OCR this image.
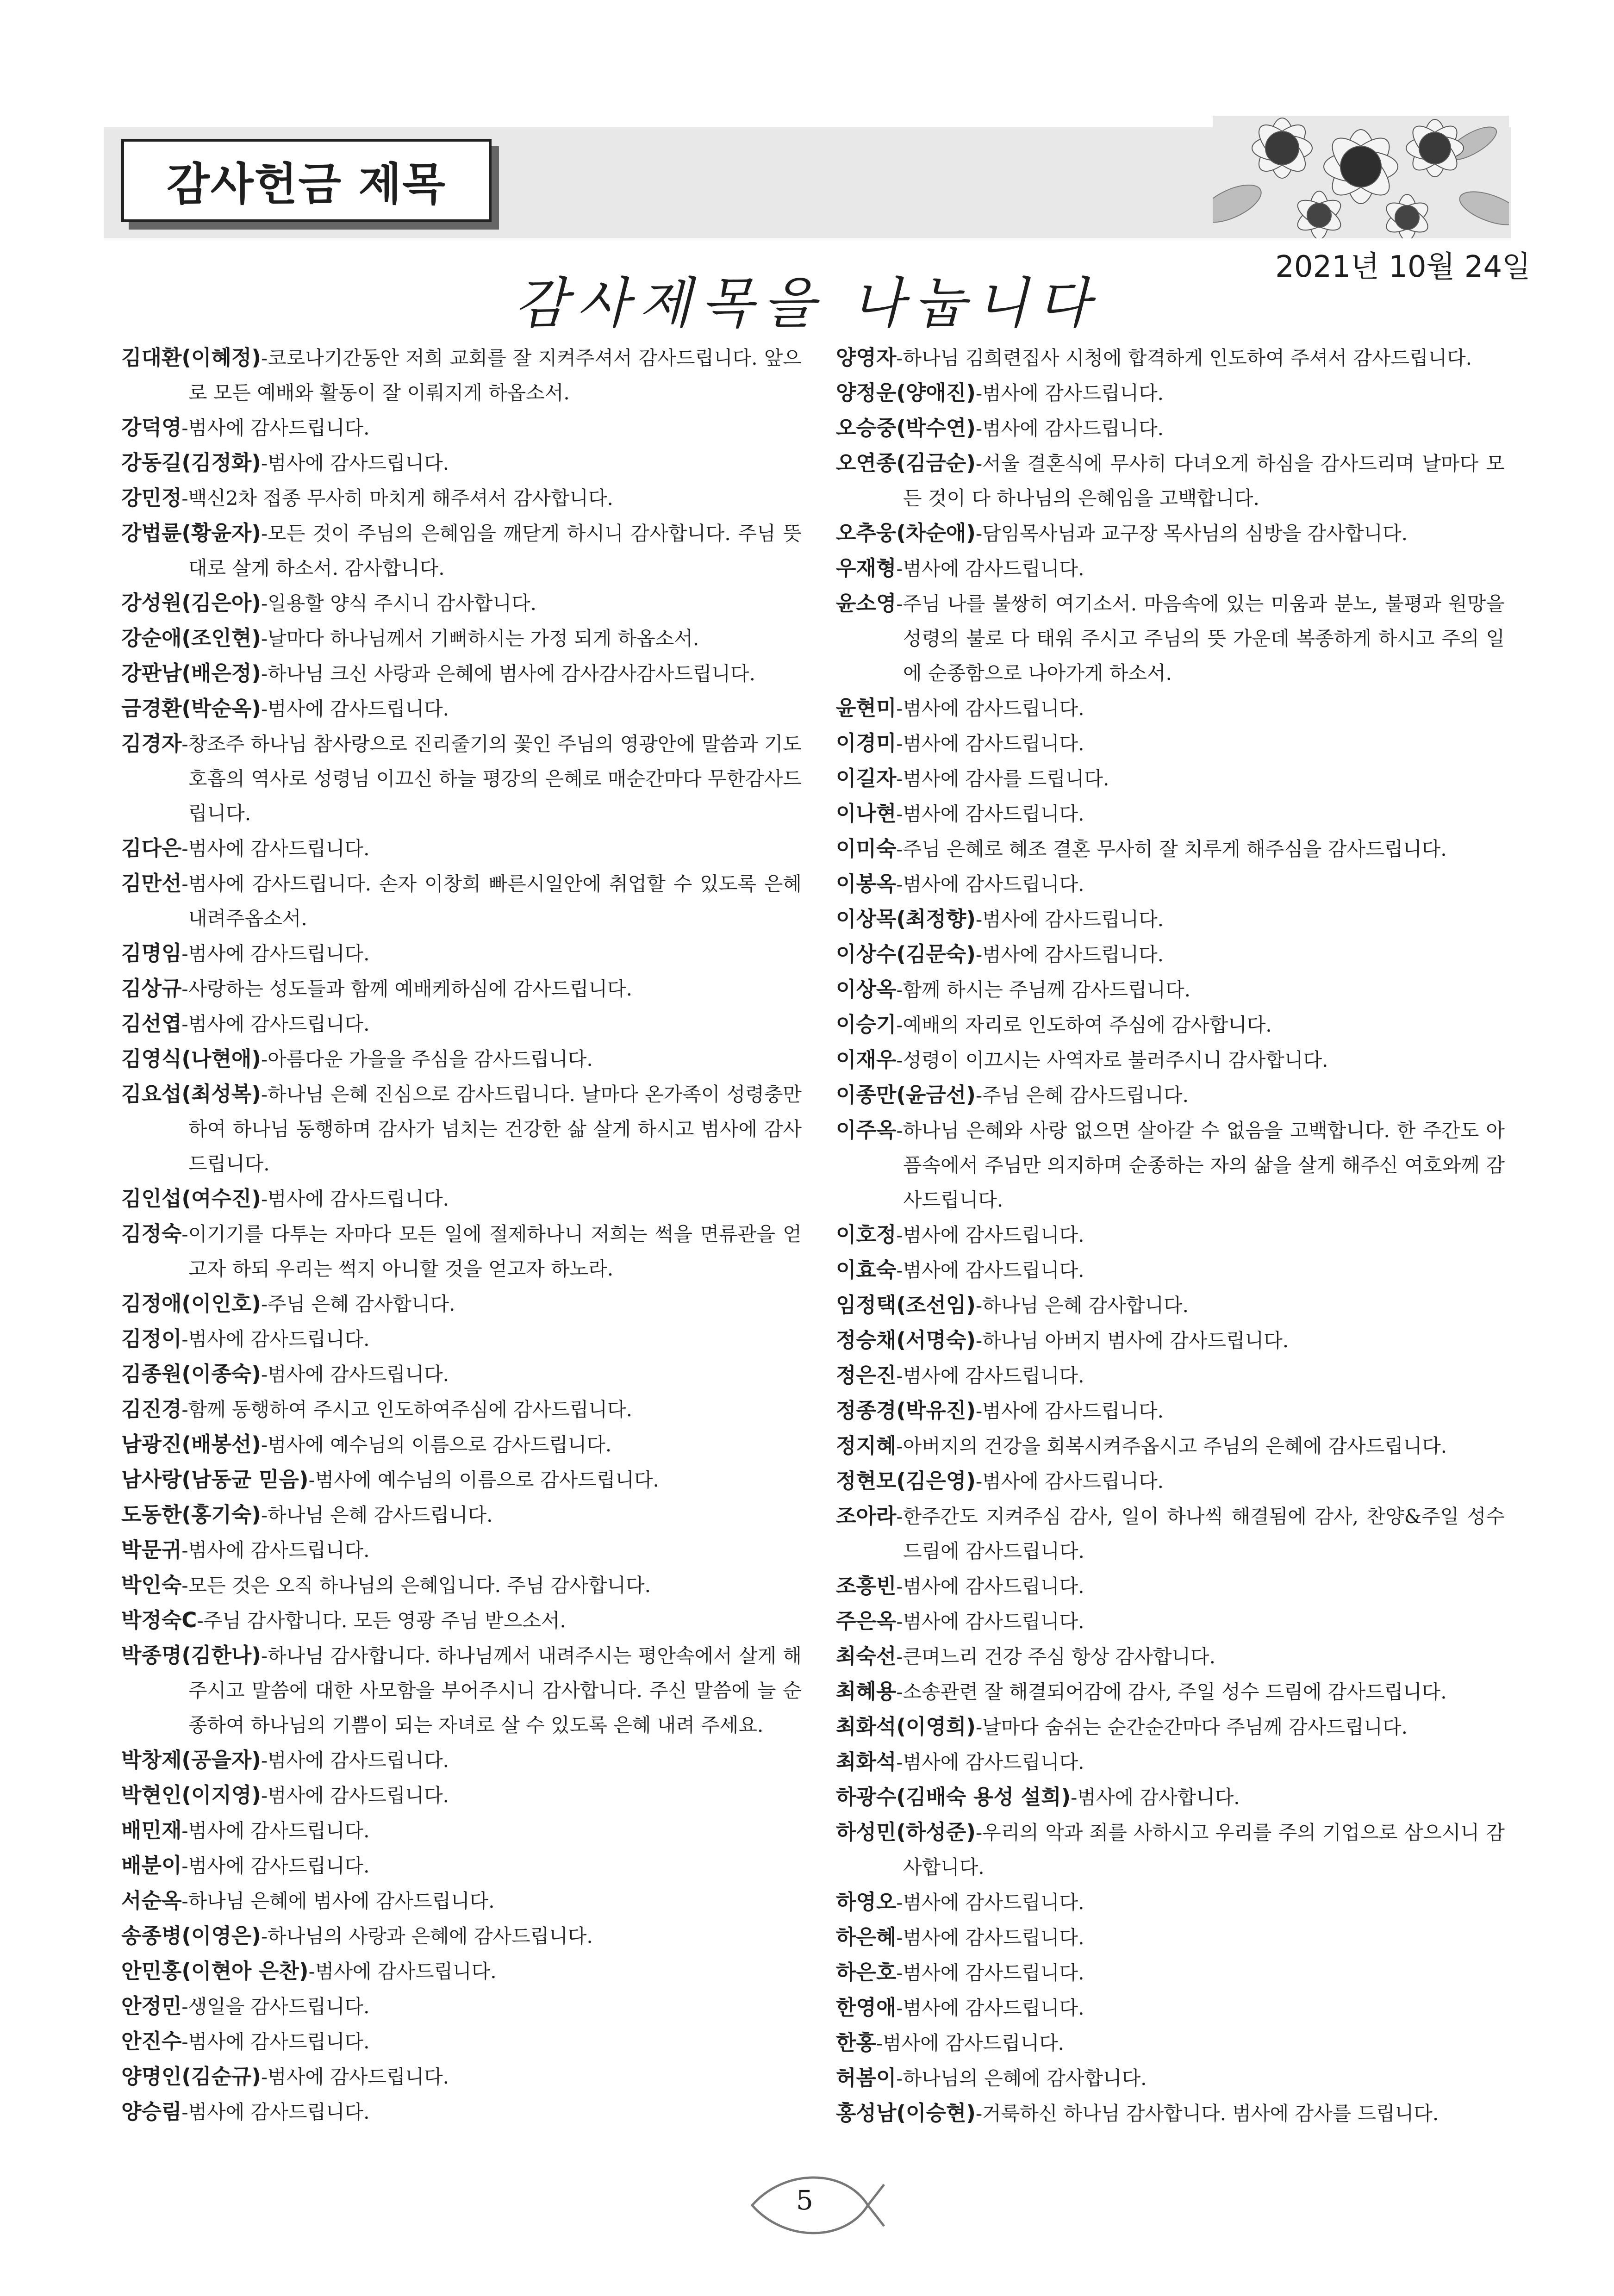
감사헌금 제목
2021년 10월 24일
감사제목을 나눕니다
김대환(이혜정)-코로나기간동안 저희 교회를 잘 지켜주셔서 감사드립니다. 앞으로 모든 예배와 활동이 잘 이뤄지게 하옵소서.
강덕영-범사에 감사드립니다.
강동길(김정화)-범사에 감사드립니다.
강민정-백신2차 접종 무사히 마치게 해주셔서 감사합니다.
강법륜(황윤자)-모든 것이 주님의 은혜임을 깨닫게 하시니 감사합니다. 주님 뜻대로 살게 하소서. 감사합니다.
강성원(김은아)-일용할 양식 주시니 감사합니다.
강순애(조인현)-날마다 하나님께서 기뻐하시는 가정 되게 하옵소서.
강판남(배은정)-하나님 크신 사랑과 은혜에 범사에 감사감사감사드립니다.
금경환(박순옥)-범사에 감사드립니다.
김경자-창조주 하나님 참사랑으로 진리줄기의 꽃인 주님의 영광안에 말씀과 기도호흡의 역사로 성령님 이끄신 하늘 평강의 은혜로 매순간마다 무한감사드립니다.
김다은-범사에 감사드립니다.
김만선-범사에 감사드립니다. 손자 이창희 빠른시일안에 취업할 수 있도록 은혜내려주옵소서.
김명임-범사에 감사드립니다.
김상규-사랑하는 성도들과 함께 예배케하심에 감사드립니다.
김선엽-범사에 감사드립니다.
김영식(나현애)-아름다운 가을을 주심을 감사드립니다.
김요섭(최성복)-하나님 은혜 진심으로 감사드립니다. 날마다 온가족이 성령충만하여 하나님 동행하며 감사가 넘치는 건강한 삶 살게 하시고 범사에 감사드립니다.
김인섭(여수진)-범사에 감사드립니다.
김정숙-이기기를 다투는 자마다 모든 일에 절제하나니 저희는 썩을 면류관을 얻고자 하되 우리는 썩지 아니할 것을 얻고자 하노라.
김정애(이인호)-주님 은혜 감사합니다.
김정이-범사에 감사드립니다.
김종원(이종숙)-범사에 감사드립니다.
김진경-함께 동행하여 주시고 인도하여주심에 감사드립니다.
남광진(배봉선)-범사에 예수님의 이름으로 감사드립니다.
남사랑(남동균 믿음)-범사에 예수님의 이름으로 감사드립니다.
도동한(홍기숙)-하나님 은혜 감사드립니다.
박문귀-범사에 감사드립니다.
박인숙-모든 것은 오직 하나님의 은혜입니다. 주님 감사합니다.
박정숙C-주님 감사합니다. 모든 영광 주님 받으소서.
박종명(김한나)-하나님 감사합니다. 하나님께서 내려주시는 평안속에서 살게 해주시고 말씀에 대한 사모함을 부어주시니 감사합니다. 주신 말씀에 늘 순종하여 하나님의 기쁨이 되는 자녀로 살 수 있도록 은혜 내려 주세요.
박창제(공을자)-범사에 감사드립니다.
박현인(이지영)-범사에 감사드립니다.
배민재-범사에 감사드립니다.
배분이-범사에 감사드립니다.
서순옥-하나님 은혜에 범사에 감사드립니다.
송종병(이영은)-하나님의 사랑과 은혜에 감사드립니다.
안민홍(이현아 은찬)-범사에 감사드립니다.
안정민-생일을 감사드립니다.
안진수-범사에 감사드립니다.
양명인(김순규)-범사에 감사드립니다.
양승림-범사에 감사드립니다.
양영자-하나님 김희련집사 시청에 합격하게 인도하여 주셔서 감사드립니다.
양정운(양애진)-범사에 감사드립니다.
오승중(박수연)-범사에 감사드립니다.
오연종(김금순)-서울 결혼식에 무사히 다녀오게 하심을 감사드리며 날마다 모든 것이 다 하나님의 은혜임을 고백합니다.
오추웅(차순애)-담임목사님과 교구장 목사님의 심방을 감사합니다.
우재형-범사에 감사드립니다.
윤소영-주님 나를 불쌍히 여기소서. 마음속에 있는 미움과 분노, 불평과 원망을 성령의 불로 다 태워 주시고 주님의 뜻 가운데 복종하게 하시고 주의 일에 순종함으로 나아가게 하소서.
윤현미-범사에 감사드립니다.
이경미-범사에 감사드립니다.
이길자-범사에 감사를 드립니다.
이나현-범사에 감사드립니다.
이미숙-주님 은혜로 혜조 결혼 무사히 잘 치루게 해주심을 감사드립니다.
이봉옥-범사에 감사드립니다.
이상목(최정향)-범사에 감사드립니다.
이상수(김문숙)-범사에 감사드립니다.
이상옥-함께 하시는 주님께 감사드립니다.
이승기-예배의 자리로 인도하여 주심에 감사합니다.
이재우-성령이 이끄시는 사역자로 불러주시니 감사합니다.
이종만(윤금선)-주님 은혜 감사드립니다.
이주옥-하나님 은혜와 사랑 없으면 살아갈 수 없음을 고백합니다. 한 주간도 아픔속에서 주님만 의지하며 순종하는 자의 삶을 살게 해주신 여호와께 감사드립니다.
이호정-범사에 감사드립니다.
이효숙-범사에 감사드립니다.
임정택(조선임)-하나님 은혜 감사합니다.
정승채(서명숙)-하나님 아버지 범사에 감사드립니다.
정은진-범사에 감사드립니다.
정종경(박유진)-범사에 감사드립니다.
정지혜-아버지의 건강을 회복시켜주옵시고 주님의 은혜에 감사드립니다.
정현모(김은영)-범사에 감사드립니다.
조아라-한주간도 지켜주심 감사, 일이 하나씩 해결됨에 감사, 찬양&주일 성수 드림에 감사드립니다.
조흥빈-범사에 감사드립니다.
주은옥-범사에 감사드립니다.
최숙선-큰며느리 건강 주심 항상 감사합니다.
최혜용-소송관련 잘 해결되어감에 감사, 주일 성수 드림에 감사드립니다.
최화석(이영희)-날마다 숨쉬는 순간순간마다 주님께 감사드립니다.
최화석-범사에 감사드립니다.
하광수(김배숙 용성 설희)-범사에 감사합니다.
하성민(하성준)-우리의 악과 죄를 사하시고 우리를 주의 기업으로 삼으시니 감사합니다.
하영오-범사에 감사드립니다.
하은혜-범사에 감사드립니다.
하은호-범사에 감사드립니다.
한영애-범사에 감사드립니다.
한홍-범사에 감사드립니다.
허봄이-하나님의 은혜에 감사합니다.
홍성남(이승현)-거룩하신 하나님 감사합니다. 범사에 감사를 드립니다.
5
